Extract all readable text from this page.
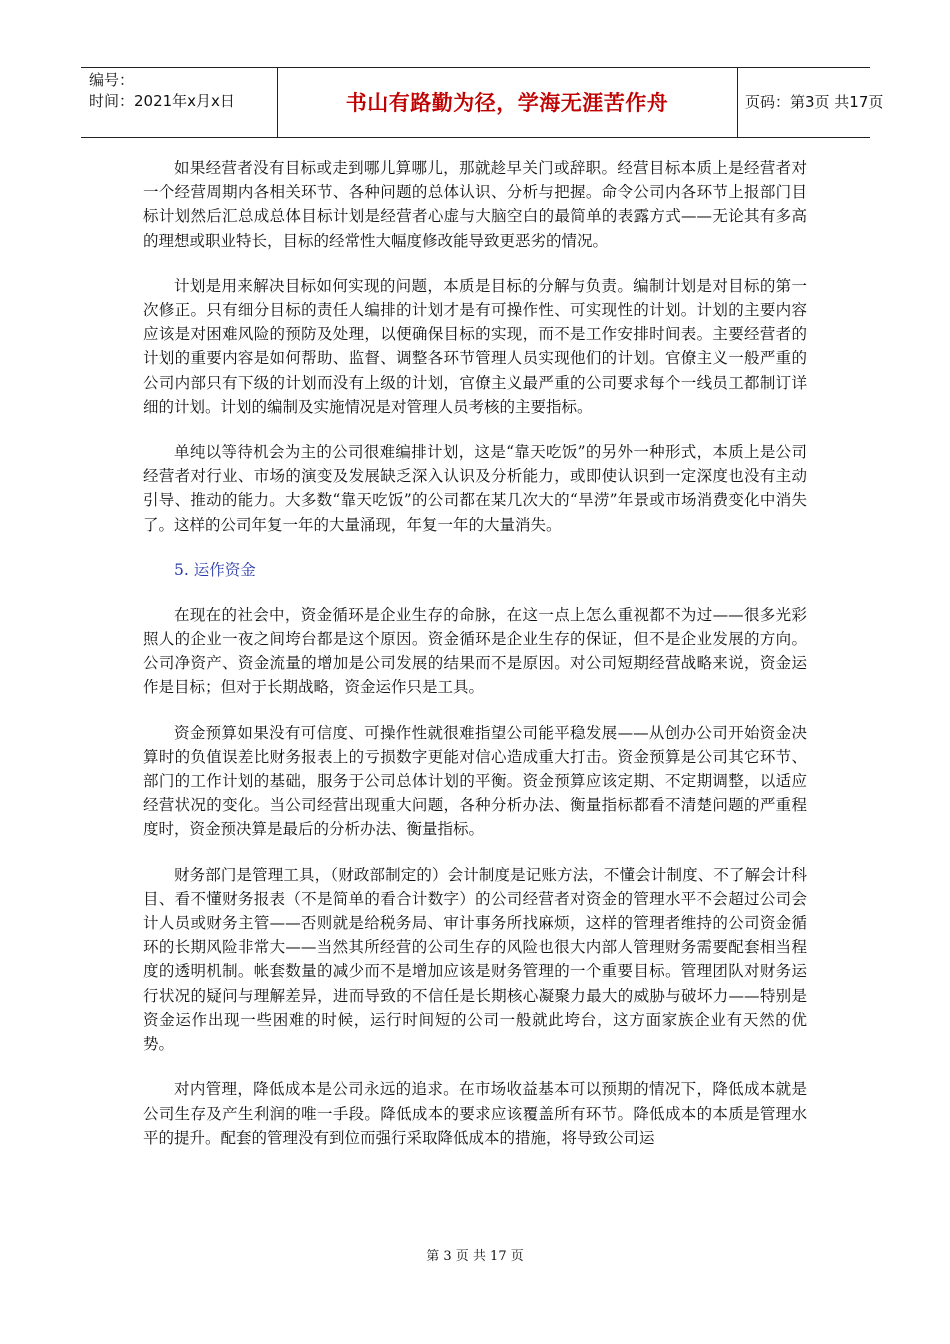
编号：
时间：2021年x月x日	书山有路勤为径，学海无涯苦作舟	页码：第3页 共17页

如果经营者没有目标或走到哪儿算哪儿，那就趁早关门或辞职。经营目标本质上是经营者对一个经营周期内各相关环节、各种问题的总体认识、分析与把握。命令公司内各环节上报部门目标计划然后汇总成总体目标计划是经营者心虚与大脑空白的最简单的表露方式——无论其有多高的理想或职业特长，目标的经常性大幅度修改能导致更恶劣的情况。

计划是用来解决目标如何实现的问题，本质是目标的分解与负责。编制计划是对目标的第一次修正。只有细分目标的责任人编排的计划才是有可操作性、可实现性的计划。计划的主要内容应该是对困难风险的预防及处理，以便确保目标的实现，而不是工作安排时间表。主要经营者的计划的重要内容是如何帮助、监督、调整各环节管理人员实现他们的计划。官僚主义一般严重的公司内部只有下级的计划而没有上级的计划，官僚主义最严重的公司要求每个一线员工都制订详细的计划。计划的编制及实施情况是对管理人员考核的主要指标。

单纯以等待机会为主的公司很难编排计划，这是“靠天吃饭”的另外一种形式，本质上是公司经营者对行业、市场的演变及发展缺乏深入认识及分析能力，或即使认识到一定深度也没有主动引导、推动的能力。大多数“靠天吃饭”的公司都在某几次大的“旱涝”年景或市场消费变化中消失了。这样的公司年复一年的大量涌现，年复一年的大量消失。

5. 运作资金

在现在的社会中，资金循环是企业生存的命脉，在这一点上怎么重视都不为过——很多光彩照人的企业一夜之间垮台都是这个原因。资金循环是企业生存的保证，但不是企业发展的方向。公司净资产、资金流量的增加是公司发展的结果而不是原因。对公司短期经营战略来说，资金运作是目标；但对于长期战略，资金运作只是工具。

资金预算如果没有可信度、可操作性就很难指望公司能平稳发展——从创办公司开始资金决算时的负值误差比财务报表上的亏损数字更能对信心造成重大打击。资金预算是公司其它环节、部门的工作计划的基础，服务于公司总体计划的平衡。资金预算应该定期、不定期调整，以适应经营状况的变化。当公司经营出现重大问题，各种分析办法、衡量指标都看不清楚问题的严重程度时，资金预决算是最后的分析办法、衡量指标。

财务部门是管理工具，（财政部制定的）会计制度是记账方法，不懂会计制度、不了解会计科目、看不懂财务报表（不是简单的看合计数字）的公司经营者对资金的管理水平不会超过公司会计人员或财务主管——否则就是给税务局、审计事务所找麻烦，这样的管理者维持的公司资金循环的长期风险非常大——当然其所经营的公司生存的风险也很大内部人管理财务需要配套相当程度的透明机制。帐套数量的减少而不是增加应该是财务管理的一个重要目标。管理团队对财务运行状况的疑问与理解差异，进而导致的不信任是长期核心凝聚力最大的威胁与破坏力——特别是资金运作出现一些困难的时候，运行时间短的公司一般就此垮台，这方面家族企业有天然的优势。

对内管理，降低成本是公司永远的追求。在市场收益基本可以预期的情况下，降低成本就是公司生存及产生利润的唯一手段。降低成本的要求应该覆盖所有环节。降低成本的本质是管理水平的提升。配套的管理没有到位而强行采取降低成本的措施，将导致公司运

第 3 页 共 17 页
